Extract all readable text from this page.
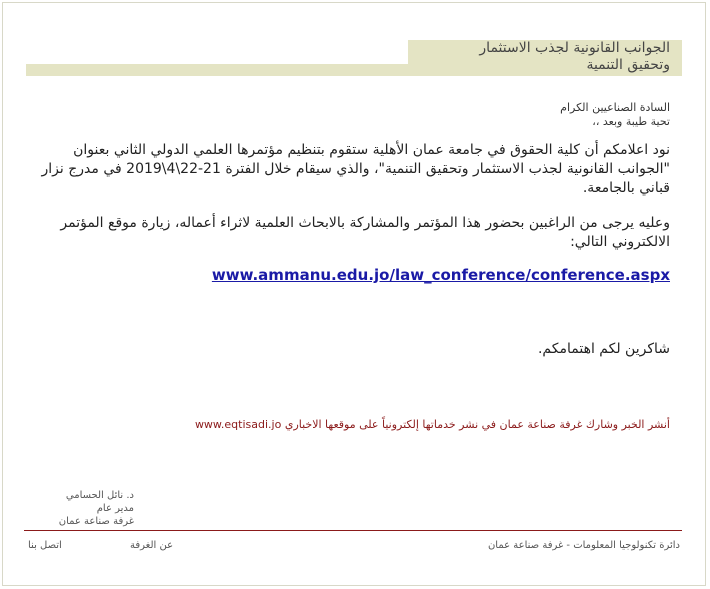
الجوانب القانونية لجذب الاستثمار
وتحقيق التنمية
السادة الصناعيين الكرام
تحية طيبة وبعد ،،
نود اعلامكم أن كلية الحقوق في جامعة عمان الأهلية ستقوم بتنظيم مؤتمرها العلمي الدولي الثاني بعنوان "الجوانب القانونية لجذب الاستثمار وتحقيق التنمية"، والذي سيقام خلال الفترة 21-22\4\2019 في مدرج نزار قباني بالجامعة.
وعليه يرجى من الراغبين بحضور هذا المؤتمر والمشاركة بالابحاث العلمية لاثراء أعماله، زيارة موقع المؤتمر الالكتروني التالي:
www.ammanu.edu.jo/law_conference/conference.aspx
شاكرين لكم اهتمامكم.
أنشر الخبر وشارك غرفة صناعة عمان في نشر خدماتها إلكترونياً على موقعها الاخباري www.eqtisadi.jo
د. نائل الحسامي
مدير عام
غرفة صناعة عمان
دائرة تكنولوجيا المعلومات - غرفة صناعة عمان
عن الغرفة
اتصل بنا
